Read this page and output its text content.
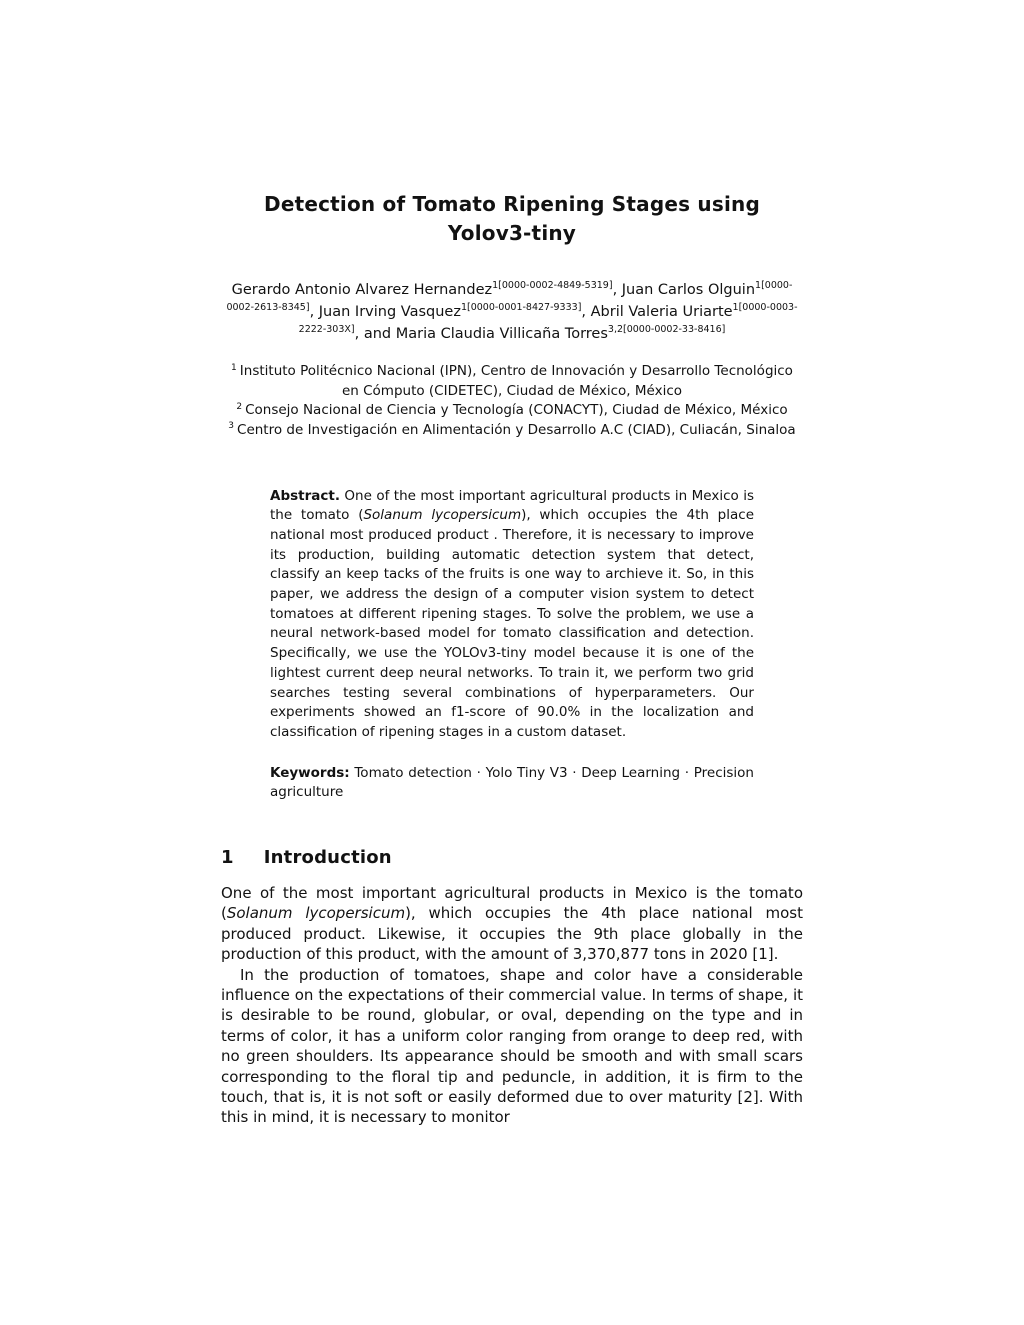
Detection of Tomato Ripening Stages using
Yolov3-tiny
Gerardo Antonio Alvarez Hernandez$^{1[0000-0002-4849-5319]}$, Juan Carlos Olguin$^{1[0000-0002-2613-8345]}$, Juan Irving Vasquez$^{1[0000-0001-8427-9333]}$, Abril Valeria Uriarte$^{1[0000-0003-2222-303X]}$, and Maria Claudia Villicaña Torres$^{3,2[0000-0002-33-8416]}$
$^1$ Instituto Politécnico Nacional (IPN), Centro de Innovación y Desarrollo Tecnológico en Cómputo (CIDETEC), Ciudad de México, México
$^2$ Consejo Nacional de Ciencia y Tecnología (CONACYT), Ciudad de México, México
$^3$ Centro de Investigación en Alimentación y Desarrollo A.C (CIAD), Culiacán, Sinaloa
Abstract. One of the most important agricultural products in Mexico is the tomato (Solanum lycopersicum), which occupies the 4th place national most produced product . Therefore, it is necessary to improve its production, building automatic detection system that detect, classify an keep tacks of the fruits is one way to archieve it. So, in this paper, we address the design of a computer vision system to detect tomatoes at different ripening stages. To solve the problem, we use a neural network-based model for tomato classification and detection. Specifically, we use the YOLOv3-tiny model because it is one of the lightest current deep neural networks. To train it, we perform two grid searches testing several combinations of hyperparameters. Our experiments showed an f1-score of 90.0% in the localization and classification of ripening stages in a custom dataset.
Keywords: Tomato detection · Yolo Tiny V3 · Deep Learning · Precision agriculture
1 Introduction

One of the most important agricultural products in Mexico is the tomato (Solanum lycopersicum), which occupies the 4th place national most produced product. Likewise, it occupies the 9th place globally in the production of this product, with the amount of 3,370,877 tons in 2020 [1].

In the production of tomatoes, shape and color have a considerable influence on the expectations of their commercial value. In terms of shape, it is desirable to be round, globular, or oval, depending on the type and in terms of color, it has a uniform color ranging from orange to deep red, with no green shoulders. Its appearance should be smooth and with small scars corresponding to the floral tip and peduncle, in addition, it is firm to the touch, that is, it is not soft or easily deformed due to over maturity [2]. With this in mind, it is necessary to monitor
